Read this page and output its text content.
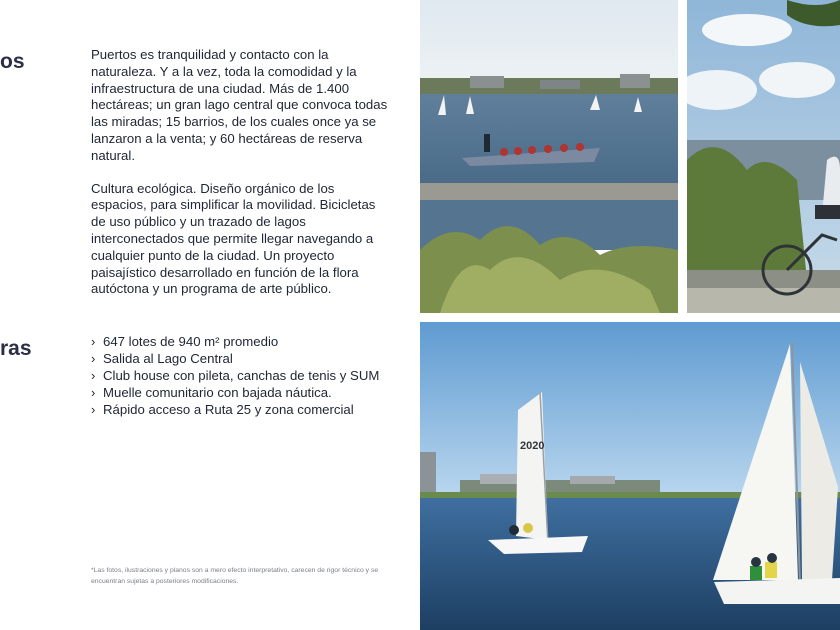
os
ras

Puertos es tranquilidad y contacto con la naturaleza. Y a la vez, toda la comodidad y la infraestructura de una ciudad. Más de 1.400 hectáreas; un gran lago central que convoca todas las miradas; 15 barrios, de los cuales once ya se lanzaron a la venta; y 60 hectáreas de reserva natural.

Cultura ecológica. Diseño orgánico de los espacios, para simplificar la movilidad. Bicicletas de uso público y un trazado de lagos interconectados que permite llegar navegando a cualquier punto de la ciudad. Un proyecto paisajístico desarrollado en función de la flora autóctona y un programa de arte público.

› 647 lotes de 940 m² promedio
› Salida al Lago Central
› Club house con pileta, canchas de tenis y SUM
› Muelle comunitario con bajada náutica.
› Rápido acceso a Ruta 25 y zona comercial

*Las fotos, ilustraciones y planos son a mero efecto interpretativo, carecen de rigor técnico y se encuentran sujetas a posteriores modificaciones.

2020
